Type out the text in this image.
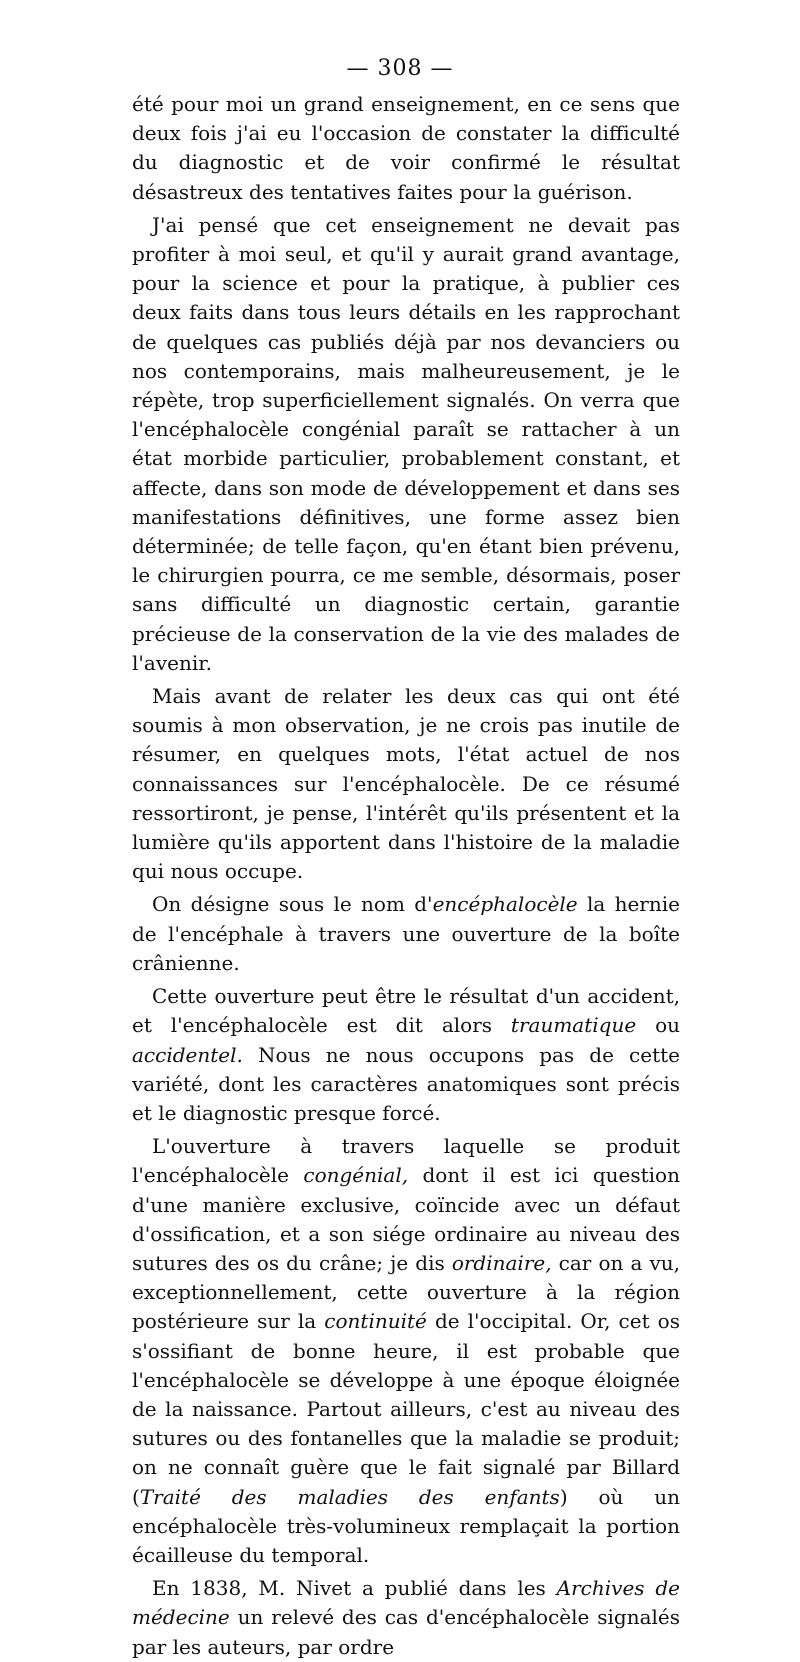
— 308 —

été pour moi un grand enseignement, en ce sens que deux fois j'ai eu l'occasion de constater la difficulté du diagnostic et de voir confirmé le résultat désastreux des tentatives faites pour la guérison.

J'ai pensé que cet enseignement ne devait pas profiter à moi seul, et qu'il y aurait grand avantage, pour la science et pour la pratique, à publier ces deux faits dans tous leurs détails en les rapprochant de quelques cas publiés déjà par nos devanciers ou nos contemporains, mais malheureusement, je le répète, trop superficiellement signalés. On verra que l'encéphalocèle congénial paraît se rattacher à un état morbide particulier, probablement constant, et affecte, dans son mode de développement et dans ses manifestations définitives, une forme assez bien déterminée; de telle façon, qu'en étant bien prévenu, le chirurgien pourra, ce me semble, désormais, poser sans difficulté un diagnostic certain, garantie précieuse de la conservation de la vie des malades de l'avenir.

Mais avant de relater les deux cas qui ont été soumis à mon observation, je ne crois pas inutile de résumer, en quelques mots, l'état actuel de nos connaissances sur l'encéphalocèle. De ce résumé ressortiront, je pense, l'intérêt qu'ils présentent et la lumière qu'ils apportent dans l'histoire de la maladie qui nous occupe.

On désigne sous le nom d'encéphalocèle la hernie de l'encéphale à travers une ouverture de la boîte crânienne.

Cette ouverture peut être le résultat d'un accident, et l'encéphalocèle est dit alors traumatique ou accidentel. Nous ne nous occupons pas de cette variété, dont les caractères anatomiques sont précis et le diagnostic presque forcé.

L'ouverture à travers laquelle se produit l'encéphalocèle congénial, dont il est ici question d'une manière exclusive, coïncide avec un défaut d'ossification, et a son siége ordinaire au niveau des sutures des os du crâne; je dis ordinaire, car on a vu, exceptionnellement, cette ouverture à la région postérieure sur la continuité de l'occipital. Or, cet os s'ossifiant de bonne heure, il est probable que l'encéphalocèle se développe à une époque éloignée de la naissance. Partout ailleurs, c'est au niveau des sutures ou des fontanelles que la maladie se produit; on ne connaît guère que le fait signalé par Billard (Traité des maladies des enfants) où un encéphalocèle très-volumineux remplaçait la portion écailleuse du temporal.

En 1838, M. Nivet a publié dans les Archives de médecine un relevé des cas d'encéphalocèle signalés par les auteurs, par ordre
